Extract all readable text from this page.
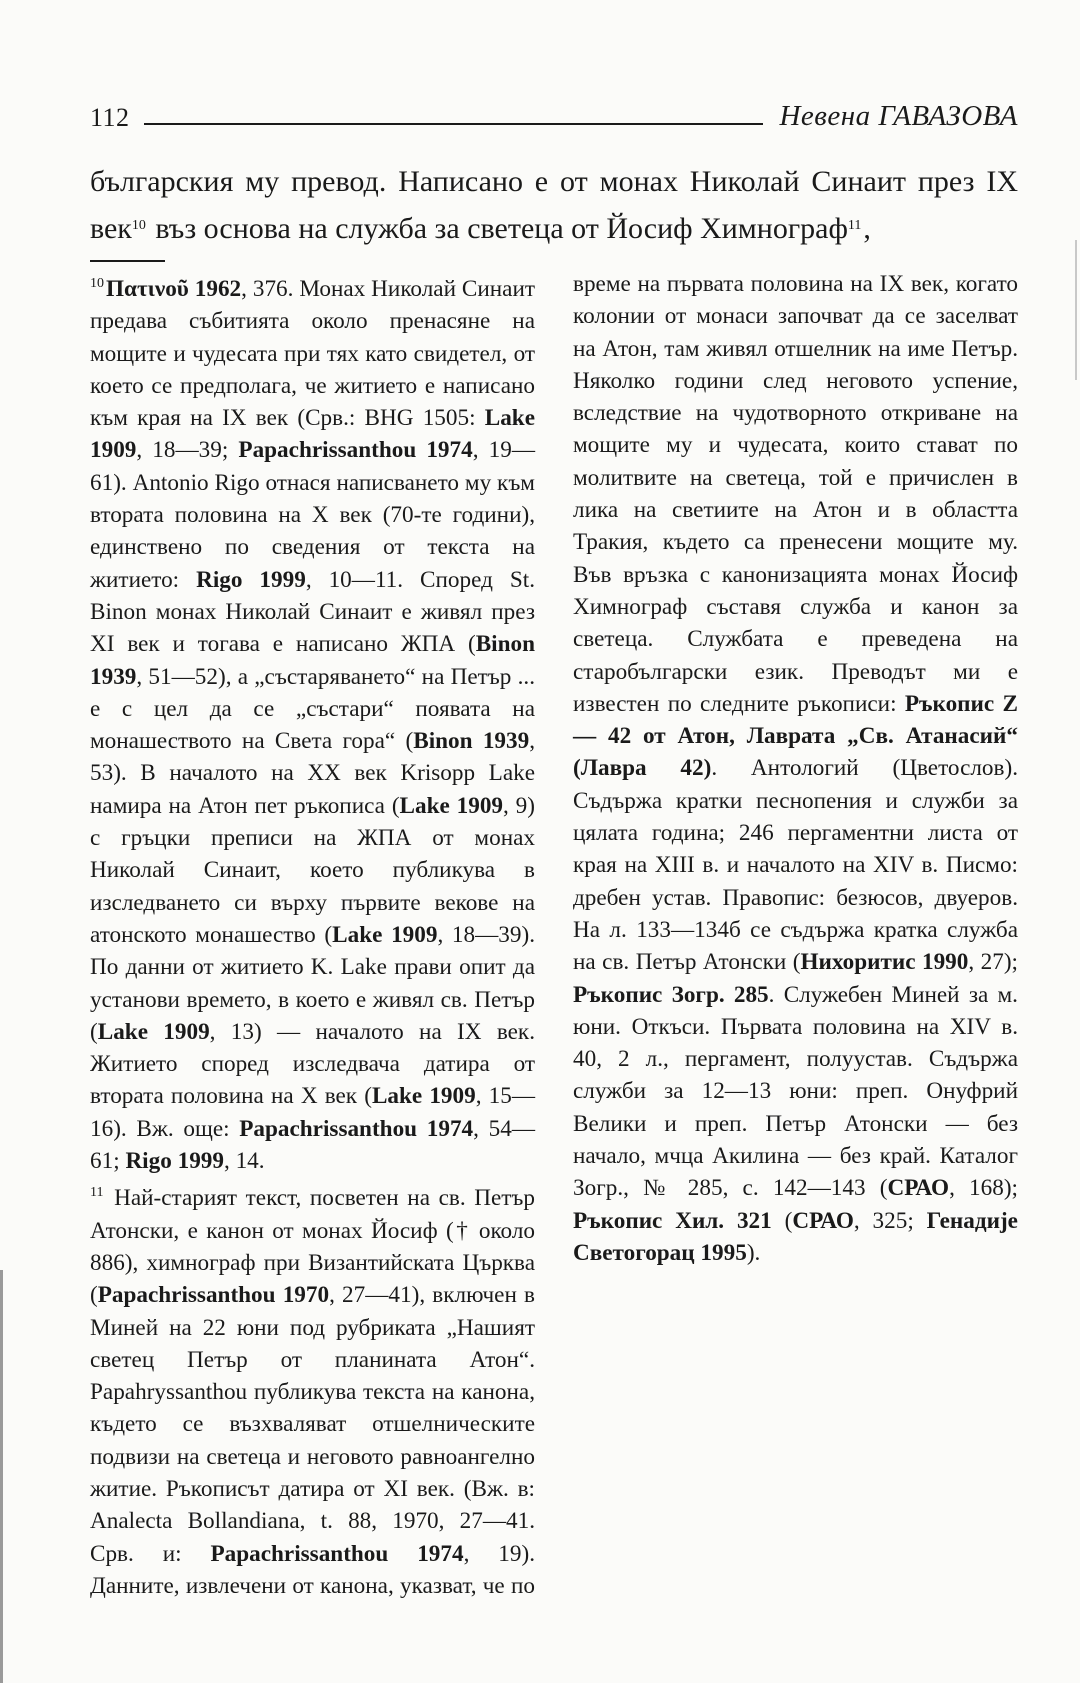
112	Невена ГАВАЗОВА

българския му превод. Написано е от монах Николай Синаит през IX век$^{10}$ въз основа на служба за светеца от Йосиф Химнограф$^{11}$,

$^{10}$Πατινοῦ 1962, 376. Монах Николай Синаит предава събитията около пренасяне на мощите и чудесата при тях като свидетел, от което се предполага, че житието е написано към края на IX век (Срв.: BHG 1505: Lake 1909, 18—39; Papachrissanthou 1974, 19—61). Antonio Rigo отнася написването му към втората половина на X век (70-те години), единствено по сведения от текста на житието: Rigo 1999, 10—11. Според St. Binon монах Николай Синаит е живял през XI век и тогава е написано ЖПА (Binon 1939, 51—52), а „състаряването“ на Петър ... е с цел да се „състари“ появата на монашеството на Света гора“ (Binon 1939, 53). В началото на XX век Krisopp Lake намира на Атон пет ръкописа (Lake 1909, 9) с гръцки преписи на ЖПА от монах Николай Синаит, което публикува в изследването си върху първите векове на атонското монашество (Lake 1909, 18—39). По данни от житието K. Lake прави опит да установи времето, в което е живял св. Петър (Lake 1909, 13) — началото на IX век. Житието според изследвача датира от втората половина на X век (Lake 1909, 15—16). Вж. още: Papachrissanthou 1974, 54—61; Rigo 1999, 14.

$^{11}$ Най-старият текст, посветен на св. Петър Атонски, е канон от монах Йосиф († около 886), химнограф при Византийската Църква (Papachrissanthou 1970, 27—41), включен в Миней на 22 юни под рубриката „Нашият светец Петър от планината Атон“. Papahryssanthou публикува текста на канона, където се възхваляват отшелническите подвизи на светеца и неговото равноангелно житие. Ръкописът датира от XI век. (Вж. в: Analecta Bollandiana, t. 88, 1970, 27—41. Срв. и: Papachrissanthou 1974, 19). Данните, извлечени от канона, указват, че по време на първата половина на IX век, когато колонии от монаси започват да се заселват на Атон, там живял отшелник на име Петър. Няколко години след неговото успение, вследствие на чудотворното откриване на мощите му и чудесата, които стават по молитвите на светеца, той е причислен в лика на светиите на Атон и в областта Тракия, където са пренесени мощите му. Във връзка с канонизацията монах Йосиф Химнограф съставя служба и канон за светеца. Службата е преведена на старобългарски език. Преводът ми е известен по следните ръкописи: Ръкопис Z — 42 от Атон, Лаврата „Св. Атанасий“ (Лавра 42). Антологий (Цветослов). Съдържа кратки песнопения и служби за цялата година; 246 пергаментни листа от края на XIII в. и началото на XIV в. Писмо: дребен устав. Правопис: безюсов, двуеров. На л. 133—134б се съдържа кратка служба на св. Петър Атонски (Нихоритис 1990, 27); Ръкопис Зогр. 285. Служебен Миней за м. юни. Откъси. Първата половина на XIV в. 40, 2 л., пергамент, полуустав. Съдържа служби за 12—13 юни: преп. Онуфрий Велики и преп. Петър Атонски — без начало, мчца Акилина — без край. Каталог Зогр., № 285, с. 142—143 (СРАО, 168); Ръкопис Хил. 321 (СРАО, 325; Генадије Светогорац 1995).
